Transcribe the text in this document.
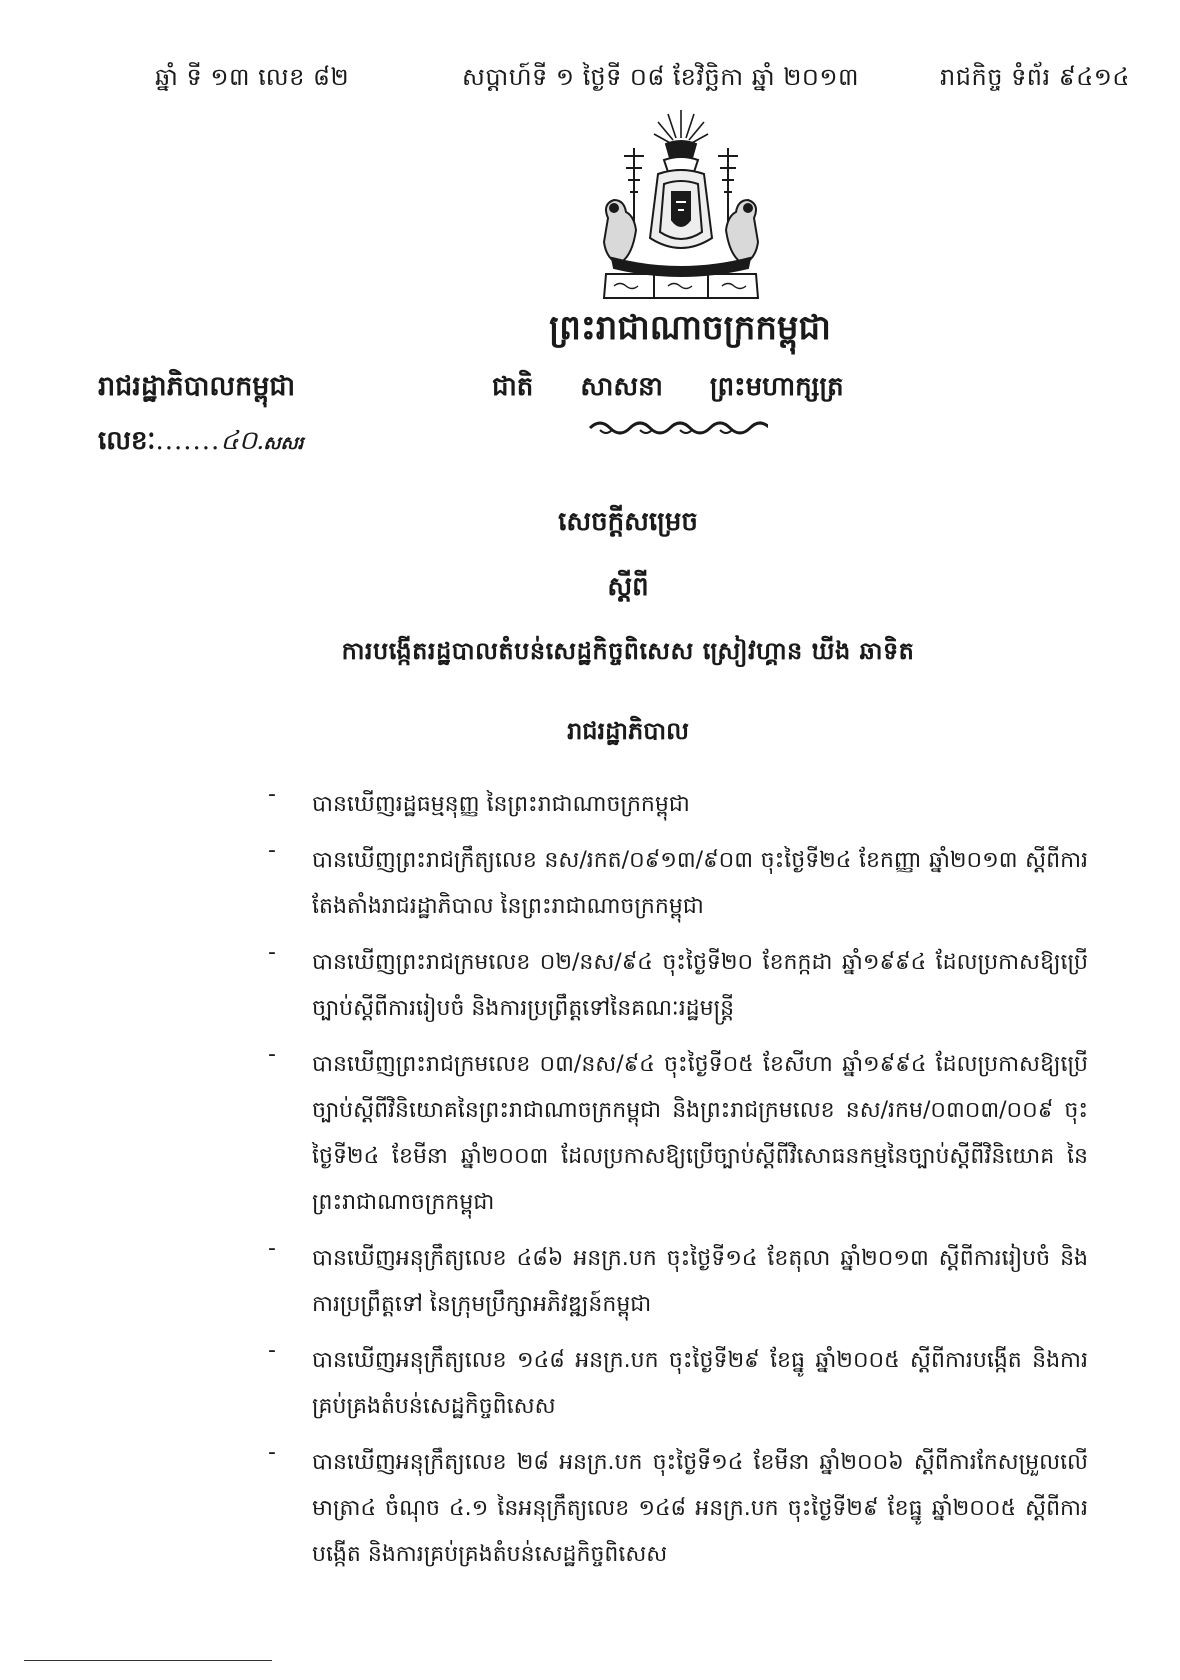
ឆ្នាំ ទី ១៣ លេខ ៨២	សប្ដាហ៍ទី ១ ថ្ងៃទី ០៨ ខែវិច្ឆិកា ឆ្នាំ ២០១៣	រាជកិច្ច ទំព័រ ៩៤១៤
ព្រះរាជាណាចក្រកម្ពុជា
ជាតិ សាសនា ព្រះមហាក្សត្រ
រាជរដ្ឋាភិបាលកម្ពុជា
លេខៈ.......៤០.សសរ
សេចក្ដីសម្រេច
ស្ដីពី
ការបង្កើតរដ្ឋបាលតំបន់សេដ្ឋកិច្ចពិសេស ស្រៀវហ្គាន ឃីង ឆាទិត
រាជរដ្ឋាភិបាល
- បានឃើញរដ្ឋធម្មនុញ្ញ នៃព្រះរាជាណាចក្រកម្ពុជា
- បានឃើញព្រះរាជក្រឹត្យលេខ នស/រកត/០៩១៣/៩០៣ ចុះថ្ងៃទី២៤ ខែកញ្ញា ឆ្នាំ២០១៣ ស្ដីពីការតែងតាំងរាជរដ្ឋាភិបាល នៃព្រះរាជាណាចក្រកម្ពុជា
- បានឃើញព្រះរាជក្រមលេខ ០២/នស/៩៤ ចុះថ្ងៃទី២០ ខែកក្កដា ឆ្នាំ១៩៩៤ ដែលប្រកាសឱ្យប្រើច្បាប់ស្ដីពីការរៀបចំ និងការប្រព្រឹត្តទៅនៃគណៈរដ្ឋមន្ត្រី
- បានឃើញព្រះរាជក្រមលេខ ០៣/នស/៩៤ ចុះថ្ងៃទី០៥ ខែសីហា ឆ្នាំ១៩៩៤ ដែលប្រកាសឱ្យប្រើច្បាប់ស្ដីពីវិនិយោគនៃព្រះរាជាណាចក្រកម្ពុជា និងព្រះរាជក្រមលេខ នស/រកម/០៣០៣/០០៩ ចុះថ្ងៃទី២៤ ខែមីនា ឆ្នាំ២០០៣ ដែលប្រកាសឱ្យប្រើច្បាប់ស្ដីពីវិសោធនកម្មនៃច្បាប់ស្ដីពីវិនិយោគ នៃព្រះរាជាណាចក្រកម្ពុជា
- បានឃើញអនុក្រឹត្យលេខ ៤៨៦ អនក្រ.បក ចុះថ្ងៃទី១៤ ខែតុលា ឆ្នាំ២០១៣ ស្ដីពីការរៀបចំ និងការប្រព្រឹត្តទៅ នៃក្រុមប្រឹក្សាអភិវឌ្ឍន៍កម្ពុជា
- បានឃើញអនុក្រឹត្យលេខ ១៤៨ អនក្រ.បក ចុះថ្ងៃទី២៩ ខែធ្នូ ឆ្នាំ២០០៥ ស្ដីពីការបង្កើត និងការគ្រប់គ្រងតំបន់សេដ្ឋកិច្ចពិសេស
- បានឃើញអនុក្រឹត្យលេខ ២៨ អនក្រ.បក ចុះថ្ងៃទី១៤ ខែមីនា ឆ្នាំ២០០៦ ស្ដីពីការកែសម្រួលលើមាត្រា៤ ចំណុច ៤.១ នៃអនុក្រឹត្យលេខ ១៤៨ អនក្រ.បក ចុះថ្ងៃទី២៩ ខែធ្នូ ឆ្នាំ២០០៥ ស្ដីពីការបង្កើត និងការគ្រប់គ្រងតំបន់សេដ្ឋកិច្ចពិសេស
